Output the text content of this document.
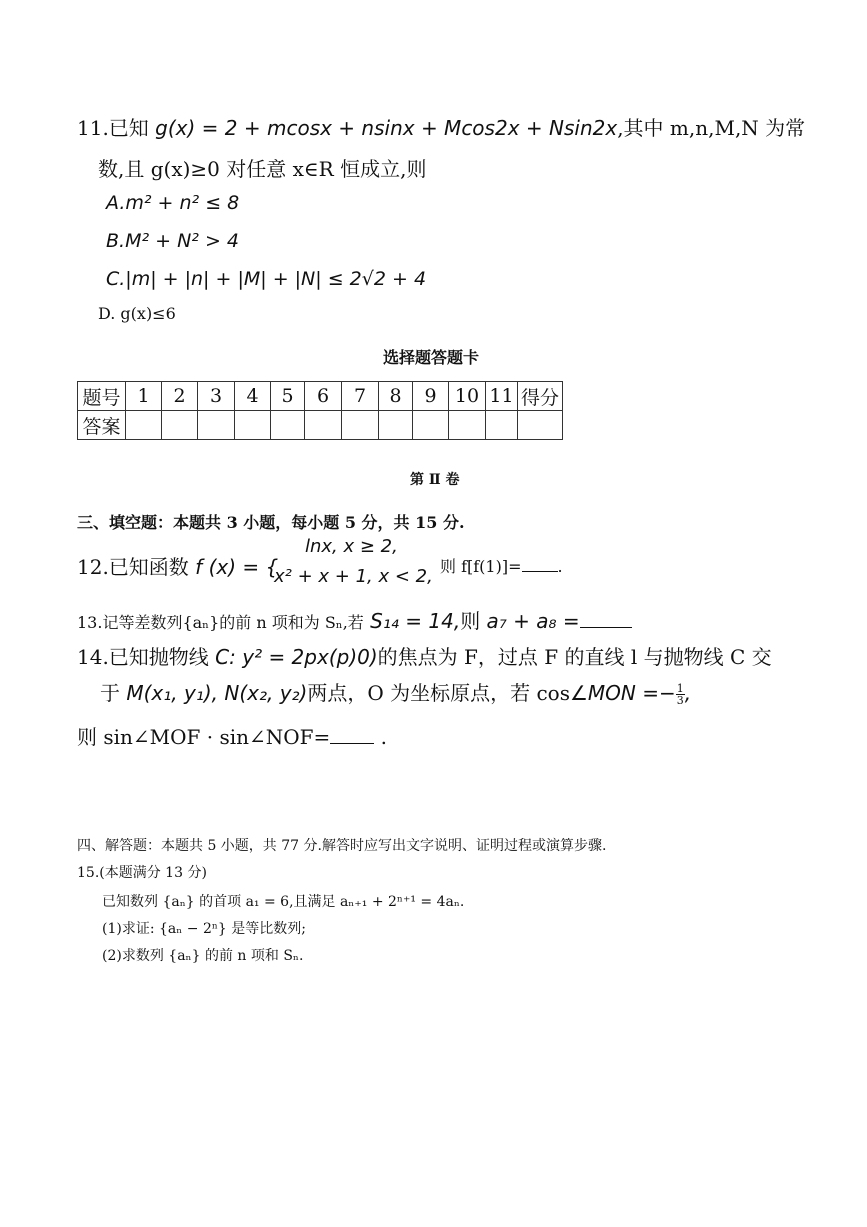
11.已知 g(x) = 2 + mcosx + nsinx + Mcos2x + Nsin2x,其中 m,n,M,N 为常
数,且 g(x)≥0 对任意 x∈R 恒成立,则
A.m² + n² ≤ 8
B.M² + N² > 4
C.|m| + |n| + |M| + |N| ≤ 2√2 + 4
D. g(x)≤6
选择题答题卡
题号	1	2	3	4	5	6	7	8	9	10	11	得分
答案												
第 Ⅱ 卷
三、填空题：本题共 3 小题，每小题 5 分，共 15 分.
12.已知函数 f (x) = {
lnx, x ≥ 2,
x² + x + 1, x < 2, 则 f[f(1)]= .
13.记等差数列{aₙ}的前 n 项和为 Sₙ,若 S₁₄ = 14,则 a₇ + a₈ =
14.已知抛物线 C: y² = 2px(p)0)的焦点为 F，过点 F 的直线 l 与抛物线 C 交
于 M(x₁, y₁), N(x₂, y₂)两点，O 为坐标原点，若 cos∠MON =− $\frac{1}{3}$ ,
则 sin∠MOF · sin∠NOF=	.
四、解答题：本题共 5 小题，共 77 分.解答时应写出文字说明、证明过程或演算步骤.
15.(本题满分 13 分)
已知数列 {aₙ} 的首项 a₁ = 6,且满足 aₙ₊₁ + 2ⁿ⁺¹ = 4aₙ.
(1)求证: {aₙ − 2ⁿ} 是等比数列;
(2)求数列 {aₙ} 的前 n 项和 Sₙ.
